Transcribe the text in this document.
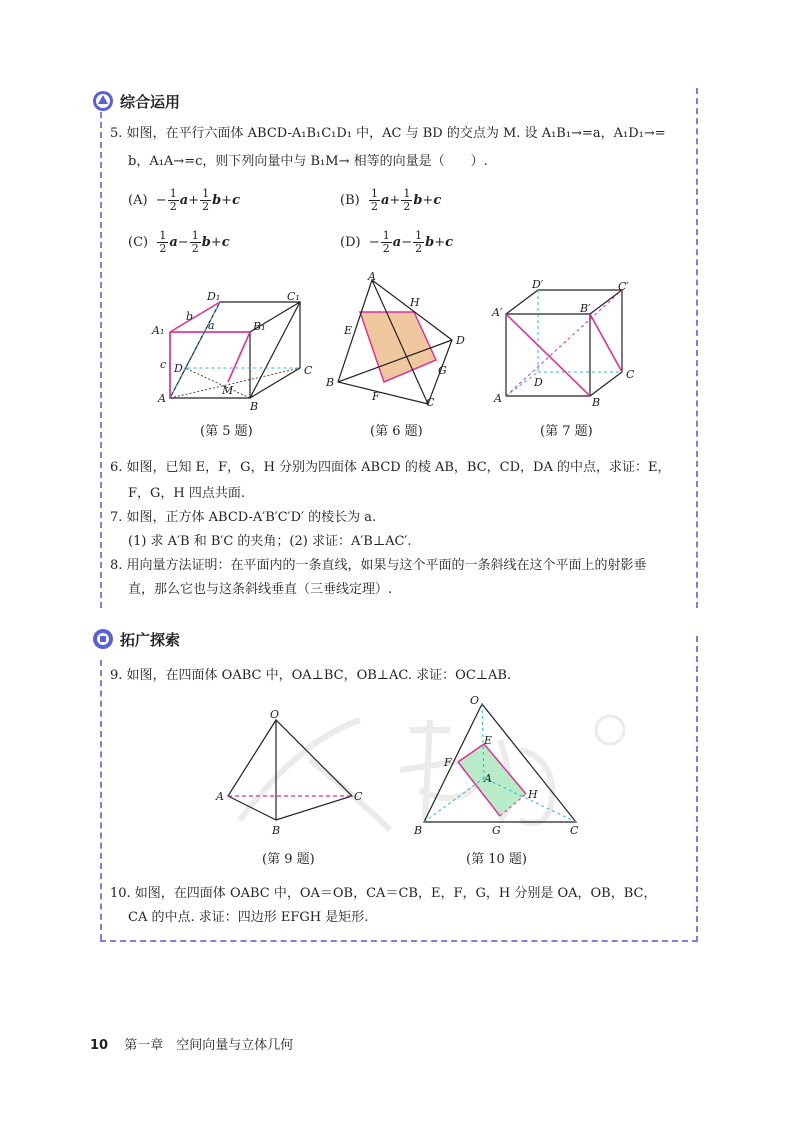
综合运用
5. 如图，在平行六面体 ABCD-A₁B₁C₁D₁ 中，AC 与 BD 的交点为 M. 设 A₁B₁→=a，A₁D₁→=
b，A₁A→=c，则下列向量中与 B₁M→ 相等的向量是（　　）.
$(A) - \frac{1}{2} a+ \frac{1}{2} b+c$	$(B) \frac{1}{2} a+ \frac{1}{2} b+c$
$(C) \frac{1}{2} a- \frac{1}{2} b+c$	$(D) - \frac{1}{2} a- \frac{1}{2} b+c$
D₁	C₁
A₁	B₁
b
a
c D	C
M
A
B
A
H
E
D
G
B
F	C
D′	C′
A′	B′
C
D
A	B
(第 5 题)	(第 6 题)	(第 7 题)
6. 如图，已知 E，F，G，H 分别为四面体 ABCD 的棱 AB，BC，CD，DA 的中点，求证：E，
F，G，H 四点共面.
7. 如图，正方体 ABCD-A′B′C′D′ 的棱长为 a.
(1) 求 A′B 和 B′C 的夹角；(2) 求证：A′B⊥AC′.
8. 用向量方法证明：在平面内的一条直线，如果与这个平面的一条斜线在这个平面上的射影垂
直，那么它也与这条斜线垂直（三垂线定理）.
拓广探索
9. 如图，在四面体 OABC 中，OA⊥BC，OB⊥AC. 求证：OC⊥AB.
O
A	C
B
O
E
F
A
H
B	G	C
(第 9 题)	(第 10 题)
10. 如图，在四面体 OABC 中，OA＝OB，CA＝CB，E，F，G，H 分别是 OA，OB，BC，
CA 的中点. 求证：四边形 EFGH 是矩形.
10 第一章　空间向量与立体几何
